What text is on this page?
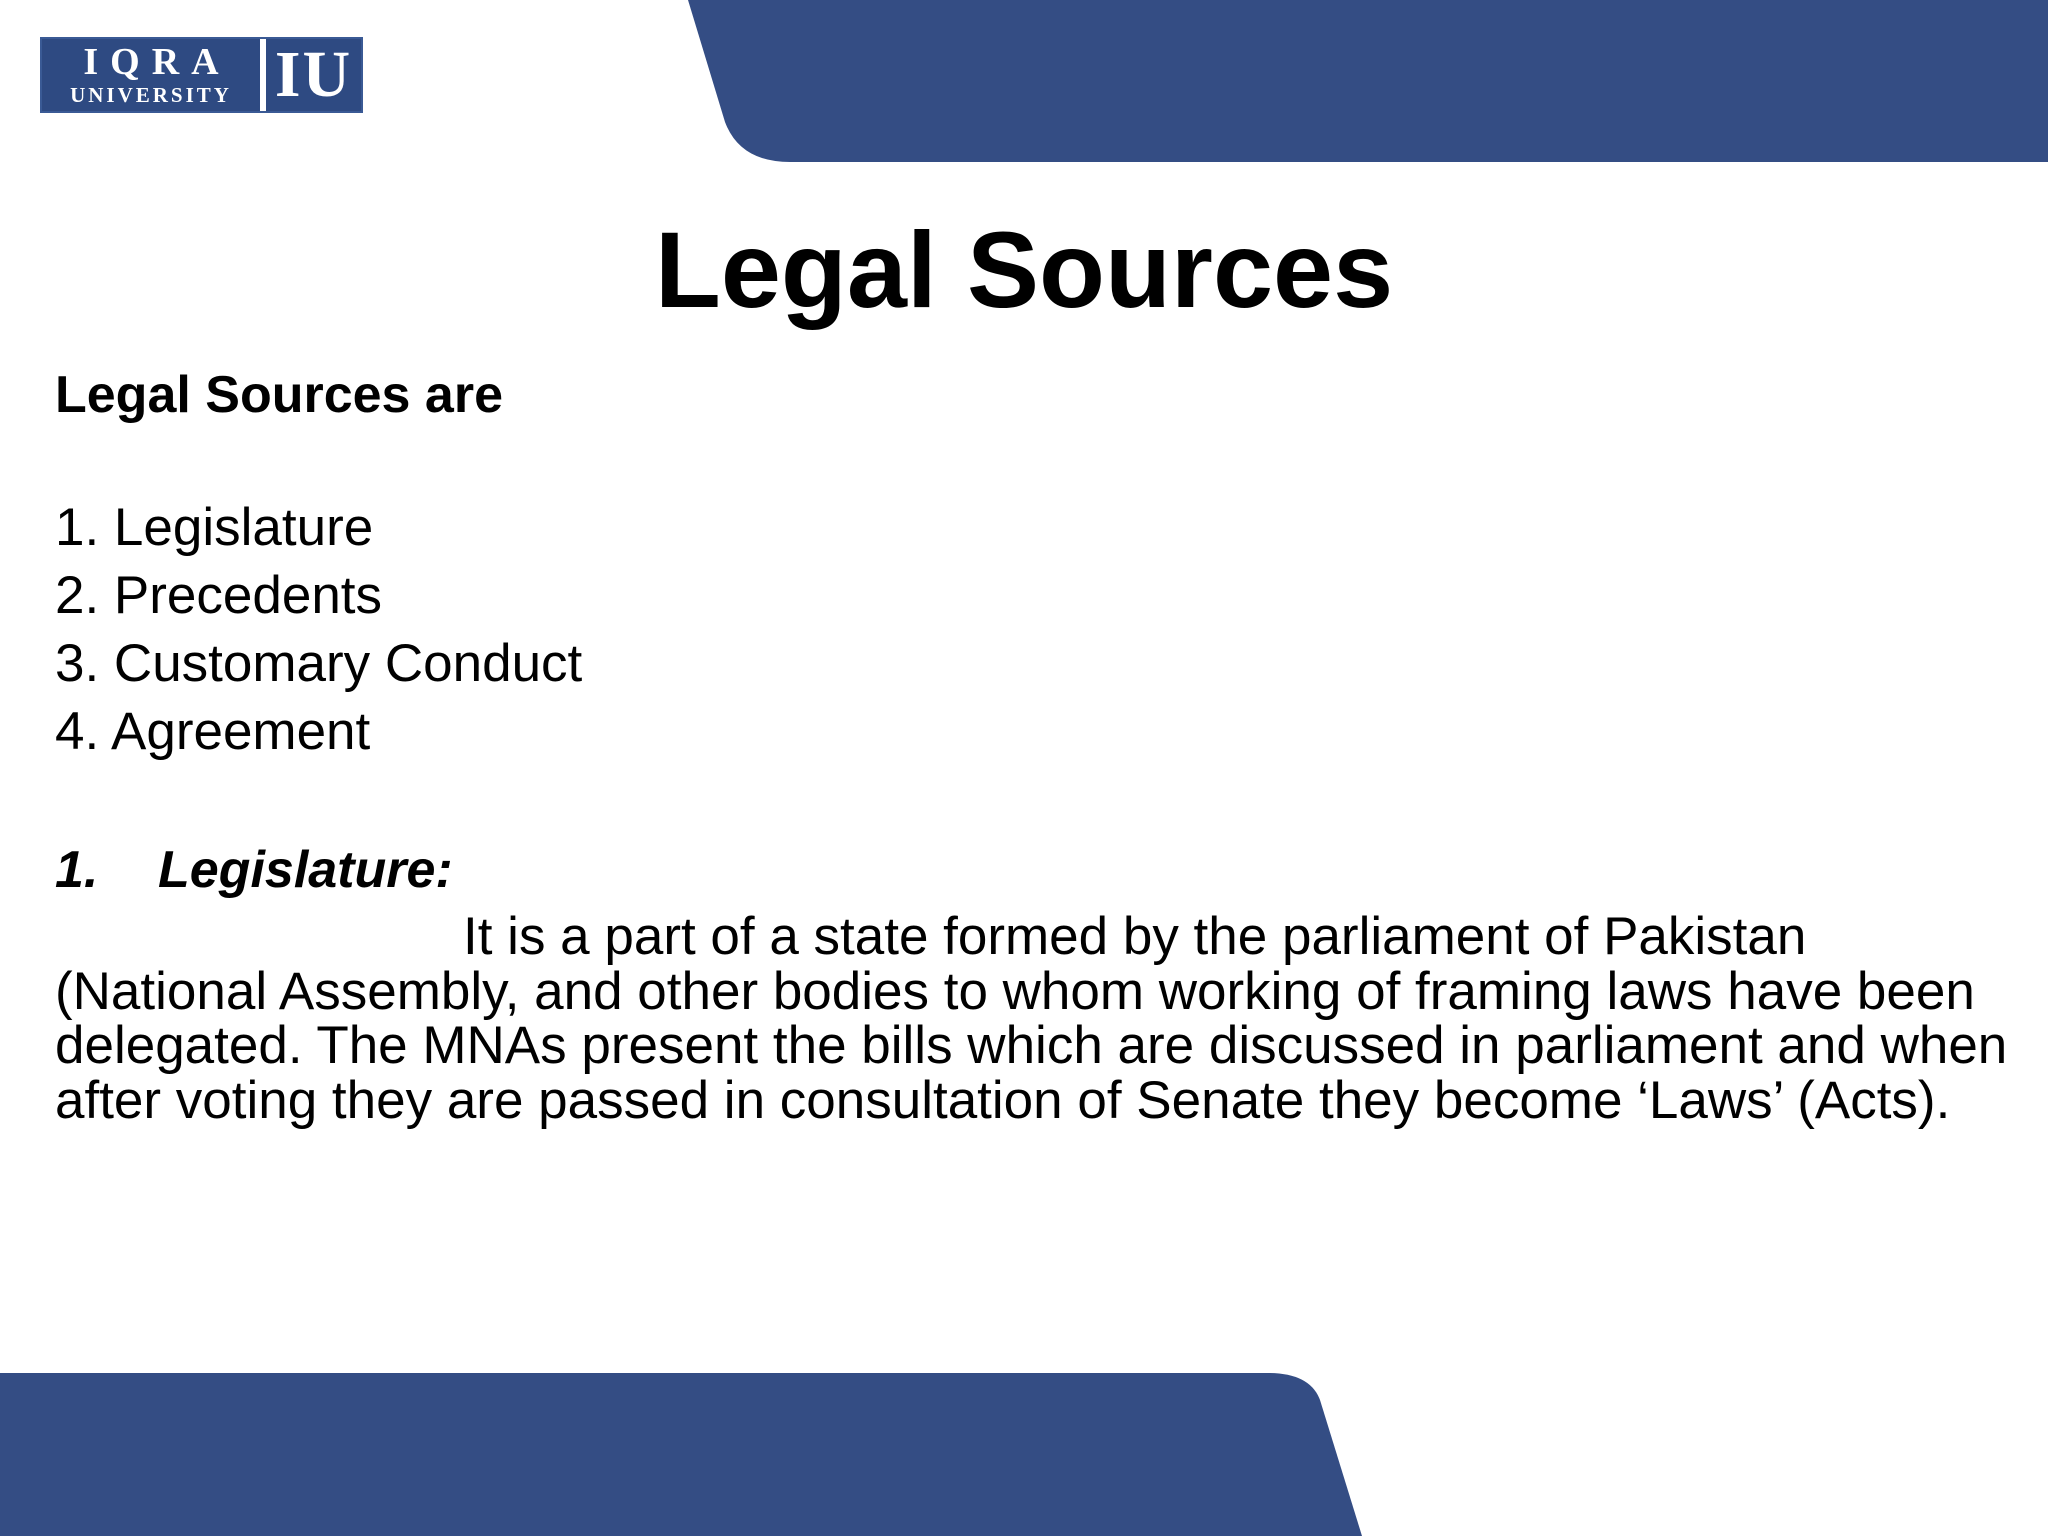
IQRA
UNIVERSITY IU
Legal Sources

Legal Sources are

1. Legislature
2. Precedents
3. Customary Conduct
4. Agreement
1. Legislature:

It is a part of a state formed by the parliament of Pakistan (National Assembly, and other bodies to whom working of framing laws have been delegated. The MNAs present the bills which are discussed in parliament and when after voting they are passed in consultation of Senate they become ‘Laws’ (Acts).
